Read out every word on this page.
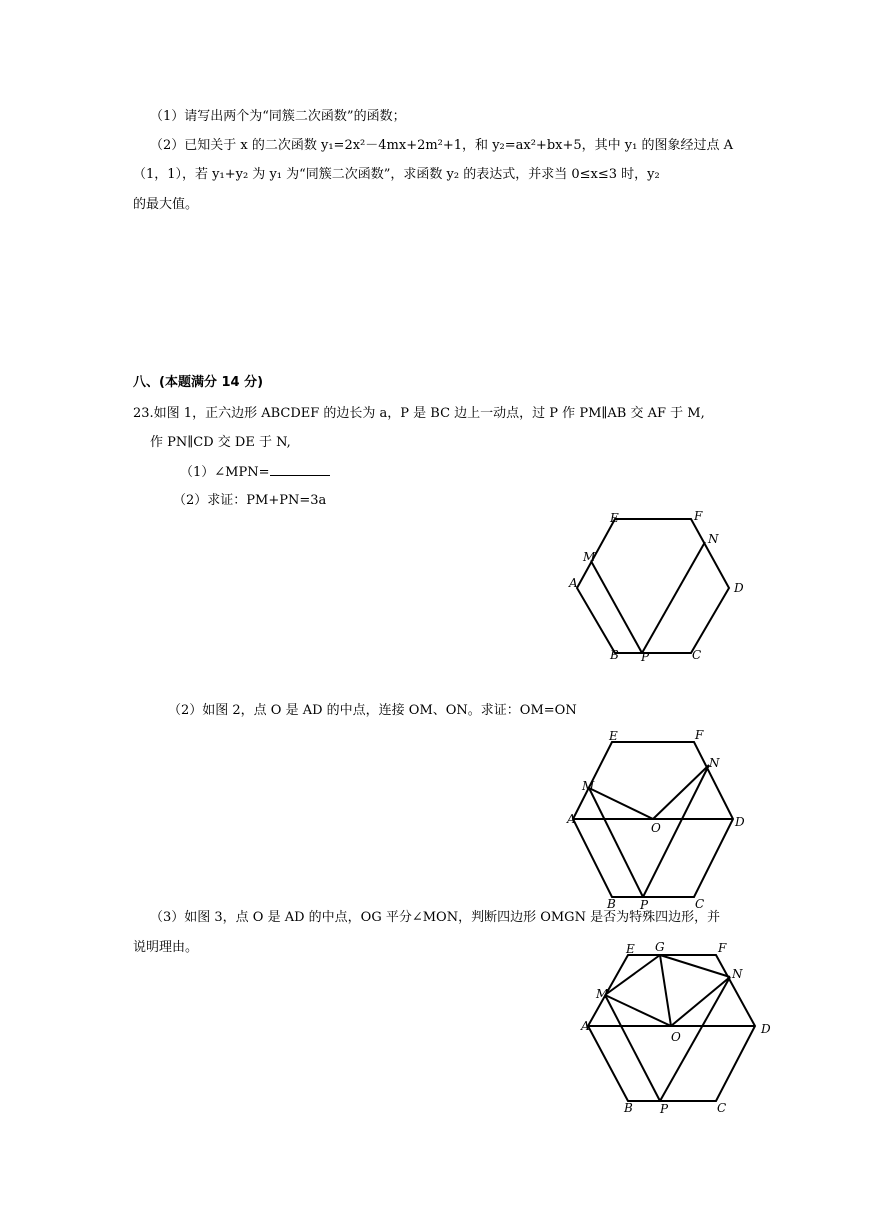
（1）请写出两个为“同簇二次函数”的函数；
（2）已知关于 x 的二次函数 y₁=2x²－4mx+2m²+1，和 y₂=ax²+bx+5，其中 y₁ 的图象经过点 A
（1，1），若 y₁+y₂ 为 y₁ 为“同簇二次函数”，求函数 y₂ 的表达式，并求当 0≤x≤3 时，y₂
的最大值。
八、(本题满分 14 分)
23.如图 1，正六边形 ABCDEF 的边长为 a，P 是 BC 边上一动点，过 P 作 PM∥AB 交 AF 于 M,
作 PN∥CD 交 DE 于 N,
（1）∠MPN=
（2）求证：PM+PN=3a
（2）如图 2，点 O 是 AD 的中点，连接 OM、ON。求证：OM=ON
（3）如图 3，点 O 是 AD 的中点，OG 平分∠MON，判断四边形 OMGN 是否为特殊四边形，并
说明理由。
E	F
N
M
A	D
B P	C
E	F
N
M
A
O	D
B P	C
E G	F
N
M
A
O
D
B P	C
